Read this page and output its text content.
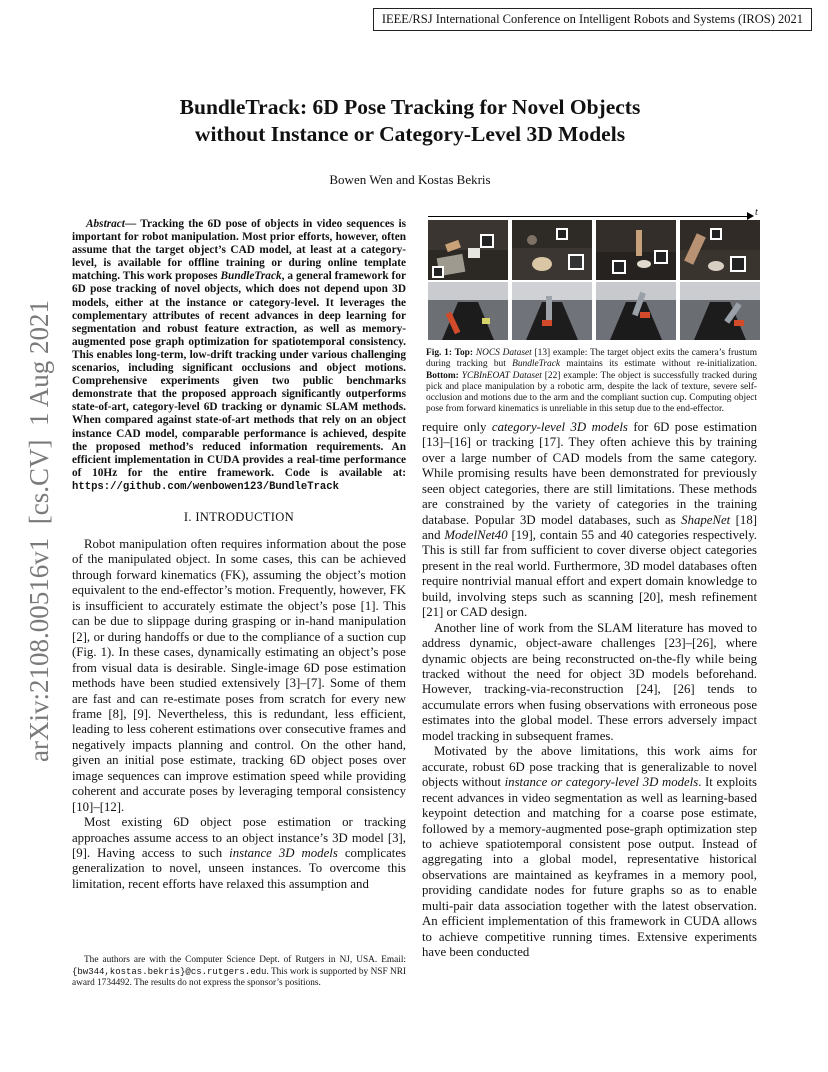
IEEE/RSJ International Conference on Intelligent Robots and Systems (IROS) 2021
arXiv:2108.00516v1  [cs.CV]  1 Aug 2021
BundleTrack: 6D Pose Tracking for Novel Objects
without Instance or Category-Level 3D Models
Bowen Wen and Kostas Bekris

Abstract— Tracking the 6D pose of objects in video sequences is important for robot manipulation. Most prior efforts, however, often assume that the target object’s CAD model, at least at a category-level, is available for offline training or during online template matching. This work proposes BundleTrack, a general framework for 6D pose tracking of novel objects, which does not depend upon 3D models, either at the instance or category-level. It leverages the complementary attributes of recent advances in deep learning for segmentation and robust feature extraction, as well as memory-augmented pose graph optimization for spatiotemporal consistency. This enables long-term, low-drift tracking under various challenging scenarios, including significant occlusions and object motions. Comprehensive experiments given two public benchmarks demonstrate that the proposed approach significantly outperforms state-of-art, category-level 6D tracking or dynamic SLAM methods. When compared against state-of-art methods that rely on an object instance CAD model, comparable performance is achieved, despite the proposed method’s reduced information requirements. An efficient implementation in CUDA provides a real-time performance of 10Hz for the entire framework. Code is available at: https://github.com/wenbowen123/BundleTrack

I. INTRODUCTION

Robot manipulation often requires information about the pose of the manipulated object. In some cases, this can be achieved through forward kinematics (FK), assuming the object’s motion equivalent to the end-effector’s motion. Frequently, however, FK is insufficient to accurately estimate the object’s pose [1]. This can be due to slippage during grasping or in-hand manipulation [2], or during handoffs or due to the compliance of a suction cup (Fig. 1). In these cases, dynamically estimating an object’s pose from visual data is desirable. Single-image 6D pose estimation methods have been studied extensively [3]–[7]. Some of them are fast and can re-estimate poses from scratch for every new frame [8], [9]. Nevertheless, this is redundant, less efficient, leading to less coherent estimations over consecutive frames and negatively impacts planning and control. On the other hand, given an initial pose estimate, tracking 6D object poses over image sequences can improve estimation speed while providing coherent and accurate poses by leveraging temporal consistency [10]–[12].

Most existing 6D object pose estimation or tracking approaches assume access to an object instance’s 3D model [3], [9]. Having access to such instance 3D models complicates generalization to novel, unseen instances. To overcome this limitation, recent efforts have relaxed this assumption and

The authors are with the Computer Science Dept. of Rutgers in NJ, USA. Email: {bw344,kostas.bekris}@cs.rutgers.edu. This work is supported by NSF NRI award 1734492. The results do not express the sponsor’s positions.
t

Fig. 1: Top: NOCS Dataset [13] example: The target object exits the camera’s frustum during tracking but BundleTrack maintains its estimate without re-initialization. Bottom: YCBInEOAT Dataset [22] example: The object is successfully tracked during pick and place manipulation by a robotic arm, despite the lack of texture, severe self-occlusion and motions due to the arm and the compliant suction cup. Computing object pose from forward kinematics is unreliable in this setup due to the end-effector.

require only category-level 3D models for 6D pose estimation [13]–[16] or tracking [17]. They often achieve this by training over a large number of CAD models from the same category. While promising results have been demonstrated for previously seen object categories, there are still limitations. These methods are constrained by the variety of categories in the training database. Popular 3D model databases, such as ShapeNet [18] and ModelNet40 [19], contain 55 and 40 categories respectively. This is still far from sufficient to cover diverse object categories present in the real world. Furthermore, 3D model databases often require nontrivial manual effort and expert domain knowledge to build, involving steps such as scanning [20], mesh refinement [21] or CAD design.

Another line of work from the SLAM literature has moved to address dynamic, object-aware challenges [23]–[26], where dynamic objects are being reconstructed on-the-fly while being tracked without the need for object 3D models beforehand. However, tracking-via-reconstruction [24], [26] tends to accumulate errors when fusing observations with erroneous pose estimates into the global model. These errors adversely impact model tracking in subsequent frames.

Motivated by the above limitations, this work aims for accurate, robust 6D pose tracking that is generalizable to novel objects without instance or category-level 3D models. It exploits recent advances in video segmentation as well as learning-based keypoint detection and matching for a coarse pose estimate, followed by a memory-augmented pose-graph optimization step to achieve spatiotemporal consistent pose output. Instead of aggregating into a global model, representative historical observations are maintained as keyframes in a memory pool, providing candidate nodes for future graphs so as to enable multi-pair data association together with the latest observation. An efficient implementation of this framework in CUDA allows to achieve competitive running times. Extensive experiments have been conducted
